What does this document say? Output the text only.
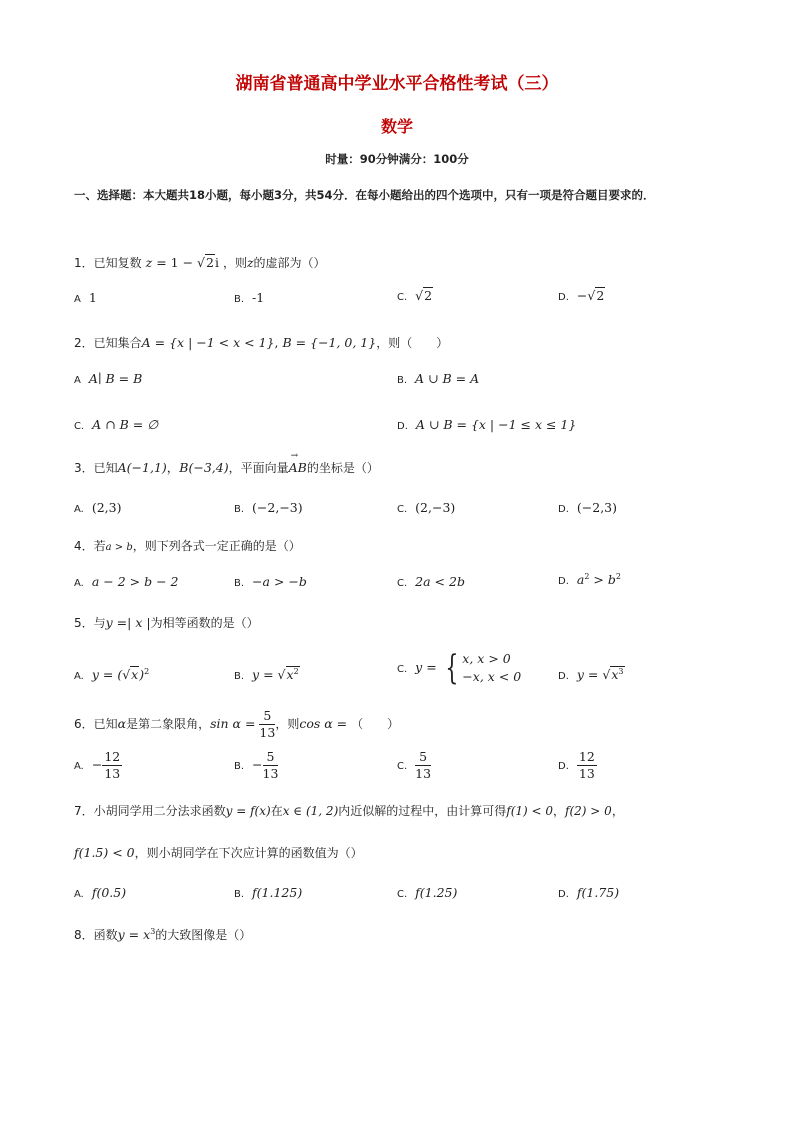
湖南省普通高中学业水平合格性考试（三）
数学
时量：90分钟满分：100分
一、选择题：本大题共18小题，每小题3分，共54分．在每小题给出的四个选项中，只有一项是符合题目要求的．
1．已知复数 z = 1 − √2i ，则z的虚部为（）
A 1	B. -1	C. √2	D. −√2
2．已知集合A = {x | −1 < x < 1}, B = {−1, 0, 1}，则（　　）
A A∣ B = B	B. A ∪ B = A
C. A ∩ B = ∅	D. A ∪ B = {x | −1 ≤ x ≤ 1}
3．已知A(−1,1)，B(−3,4)，平面向量→ AB的坐标是（）
A. (2,3)	B. (−2,−3)	C. (2,−3)	D. (−2,3)
4．若a > b，则下列各式一定正确的是（）
A. a − 2 > b − 2	B. −a > −b	C. 2a < 2b	D. $a^2 > b^2$
5．与y =| x |为相等函数的是（）
A. $y = (√x)^2$	B. $y = √x^2$	C. y = { x, x > 0
−x, x < 0	D. $y = √x^3$
6．已知α是第二象限角，$\sin \alpha = \frac{5}{13}$ ，则cos α = （　　）
A. − $\frac{12}{13}$	B. − $\frac{5}{13}$	C. $\frac{5}{13}$	D. $\frac{12}{13}$
7．小胡同学用二分法求函数y = f(x)在x ∈ (1, 2)内近似解的过程中，由计算可得f(1) < 0，f(2) > 0，
f(1.5) < 0，则小胡同学在下次应计算的函数值为（）
A. f(0.5)	B. f(1.125)	C. f(1.25)	D. f(1.75)
8．函数$y = x^3$的大致图像是（）
